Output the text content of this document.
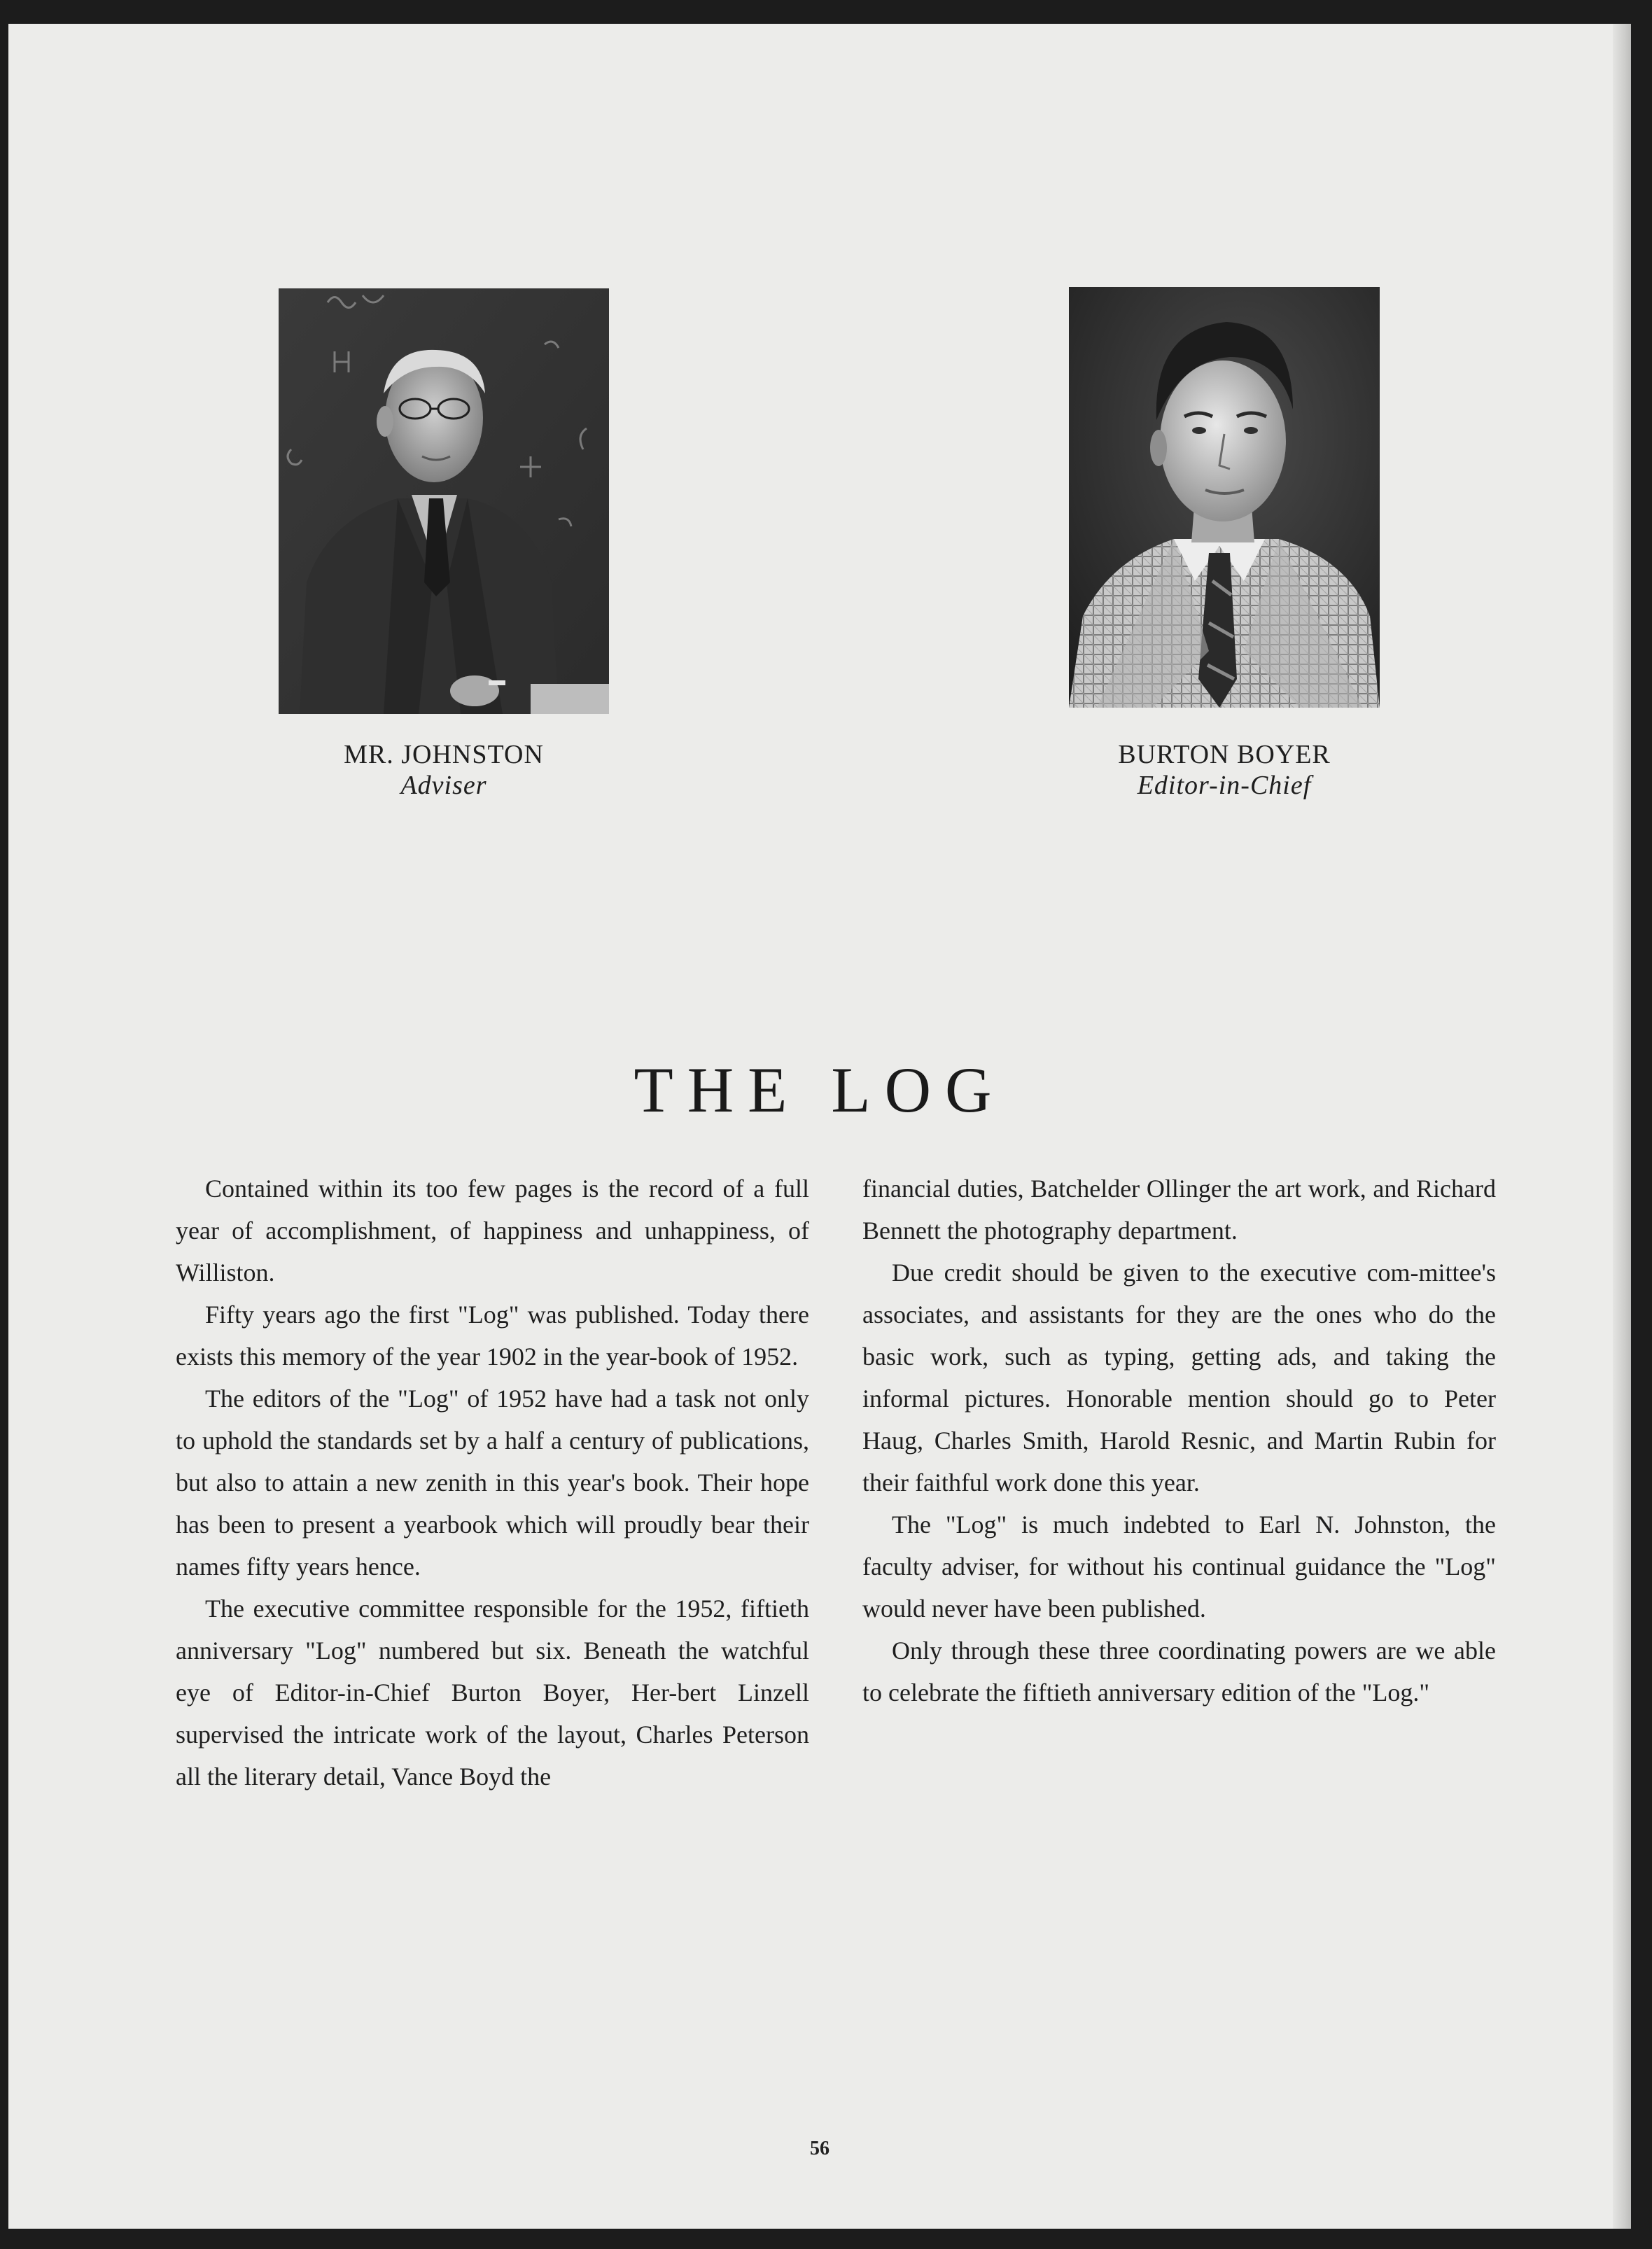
MR. JOHNSTON
Adviser
BURTON BOYER
Editor-in-Chief
THE LOG

Contained within its too few pages is the record of a full year of accomplishment, of happiness and unhappiness, of Williston.

Fifty years ago the first "Log" was published. Today there exists this memory of the year 1902 in the year-book of 1952.

The editors of the "Log" of 1952 have had a task not only to uphold the standards set by a half a century of publications, but also to attain a new zenith in this year's book. Their hope has been to present a yearbook which will proudly bear their names fifty years hence.

The executive committee responsible for the 1952, fiftieth anniversary "Log" numbered but six. Beneath the watchful eye of Editor-in-Chief Burton Boyer, Her-bert Linzell supervised the intricate work of the layout, Charles Peterson all the literary detail, Vance Boyd the

financial duties, Batchelder Ollinger the art work, and Richard Bennett the photography department.

Due credit should be given to the executive com-mittee's associates, and assistants for they are the ones who do the basic work, such as typing, getting ads, and taking the informal pictures. Honorable mention should go to Peter Haug, Charles Smith, Harold Resnic, and Martin Rubin for their faithful work done this year.

The "Log" is much indebted to Earl N. Johnston, the faculty adviser, for without his continual guidance the "Log" would never have been published.

Only through these three coordinating powers are we able to celebrate the fiftieth anniversary edition of the "Log."

56
